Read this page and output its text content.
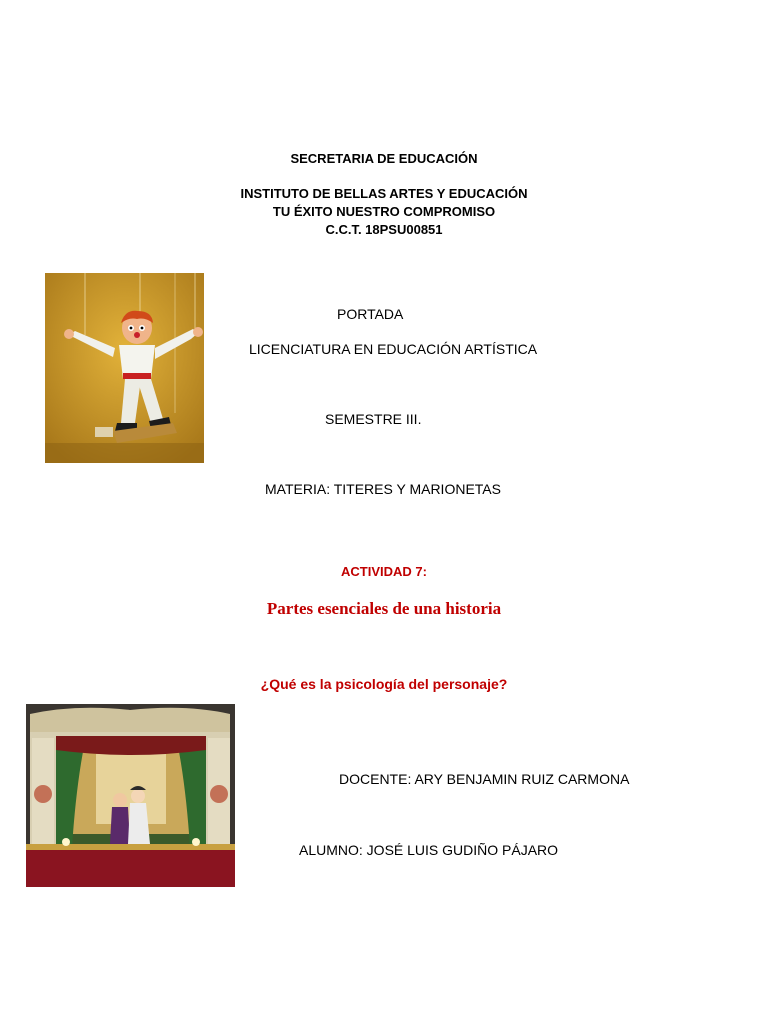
SECRETARIA DE EDUCACIÓN
INSTITUTO DE BELLAS ARTES Y EDUCACIÓN
TU ÉXITO NUESTRO COMPROMISO
C.C.T. 18PSU00851
PORTADA
LICENCIATURA EN EDUCACIÓN ARTÍSTICA
SEMESTRE III.
MATERIA: TITERES Y MARIONETAS
ACTIVIDAD 7:
Partes esenciales de una historia
¿Qué es la psicología del personaje?
DOCENTE: ARY BENJAMIN RUIZ CARMONA
ALUMNO: JOSÉ LUIS GUDIÑO PÁJARO
